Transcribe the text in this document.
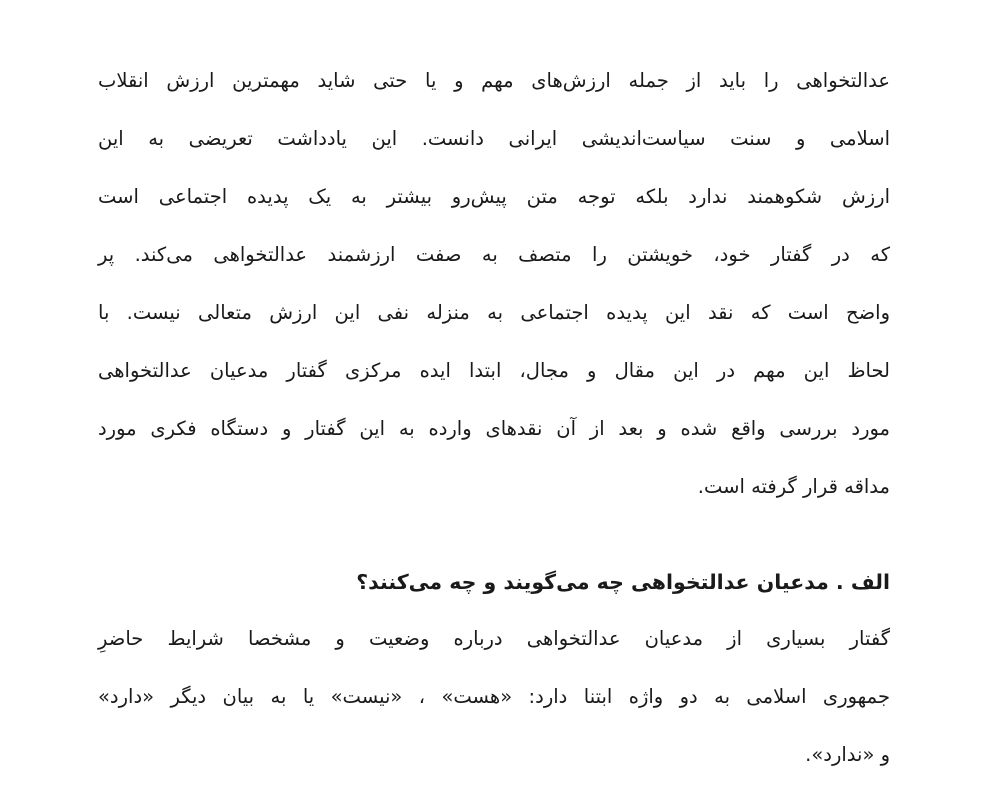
عدالتخواهی را باید از جمله ارزش‌های مهم و یا حتی شاید مهمترین ارزش انقلاب
اسلامی و سنت سیاست‌اندیشی ایرانی دانست. این یادداشت تعریضی به این
ارزش شکوهمند ندارد بلکه توجه متن پیش‌رو بیشتر به یک پدیده اجتماعی است
که در گفتار خود، خویشتن را متصف به صفت ارزشمند عدالتخواهی می‌کند. پر
واضح است که نقد این پدیده اجتماعی به منزله نفی این ارزش متعالی نیست. با
لحاظ این مهم در این مقال و مجال، ابتدا ایده مرکزی گفتار مدعیان عدالتخواهی
مورد بررسی واقع شده و بعد از آن نقدهای وارده به این گفتار و دستگاه فکری مورد
مداقه قرار گرفته است.
الف . مدعیان عدالتخواهی چه می‌گویند و چه می‌کنند؟
گفتار بسیاری از مدعیان عدالتخواهی درباره وضعیت و مشخصا شرایط حاضرِ
جمهوری اسلامی به دو واژه ابتنا دارد: «هست» ، «نیست» یا به بیان دیگر «دارد»
و «ندارد».
